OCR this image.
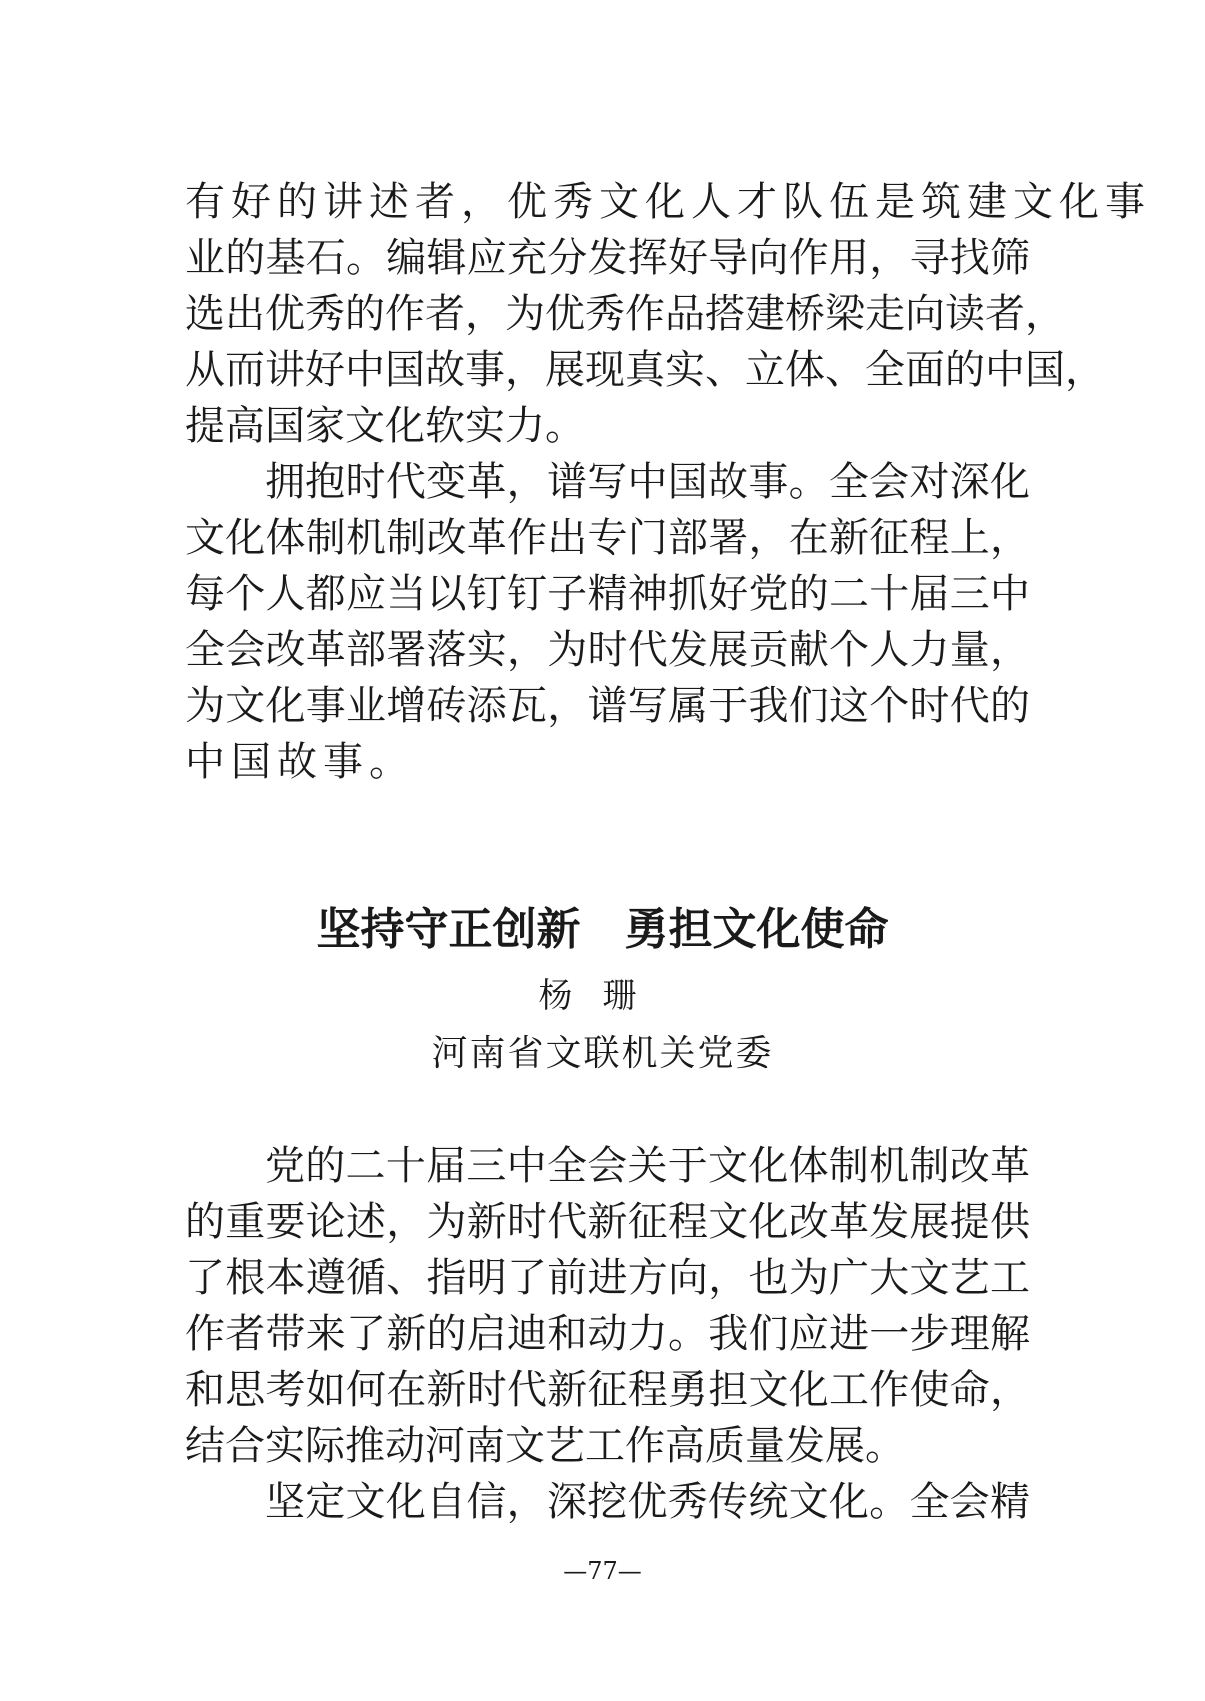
有好的讲述者，优秀文化人才队伍是筑建文化事
业的基石。编辑应充分发挥好导向作用，寻找筛
选出优秀的作者，为优秀作品搭建桥梁走向读者，
从而讲好中国故事，展现真实、立体、全面的中国，
提高国家文化软实力。
拥抱时代变革，谱写中国故事。全会对深化
文化体制机制改革作出专门部署，在新征程上，
每个人都应当以钉钉子精神抓好党的二十届三中
全会改革部署落实，为时代发展贡献个人力量，
为文化事业增砖添瓦，谱写属于我们这个时代的
中国故事。
坚持守正创新 勇担文化使命
杨珊
河南省文联机关党委
党的二十届三中全会关于文化体制机制改革
的重要论述，为新时代新征程文化改革发展提供
了根本遵循、指明了前进方向，也为广大文艺工
作者带来了新的启迪和动力。我们应进一步理解
和思考如何在新时代新征程勇担文化工作使命，
结合实际推动河南文艺工作高质量发展。
坚定文化自信，深挖优秀传统文化。全会精
—77—
